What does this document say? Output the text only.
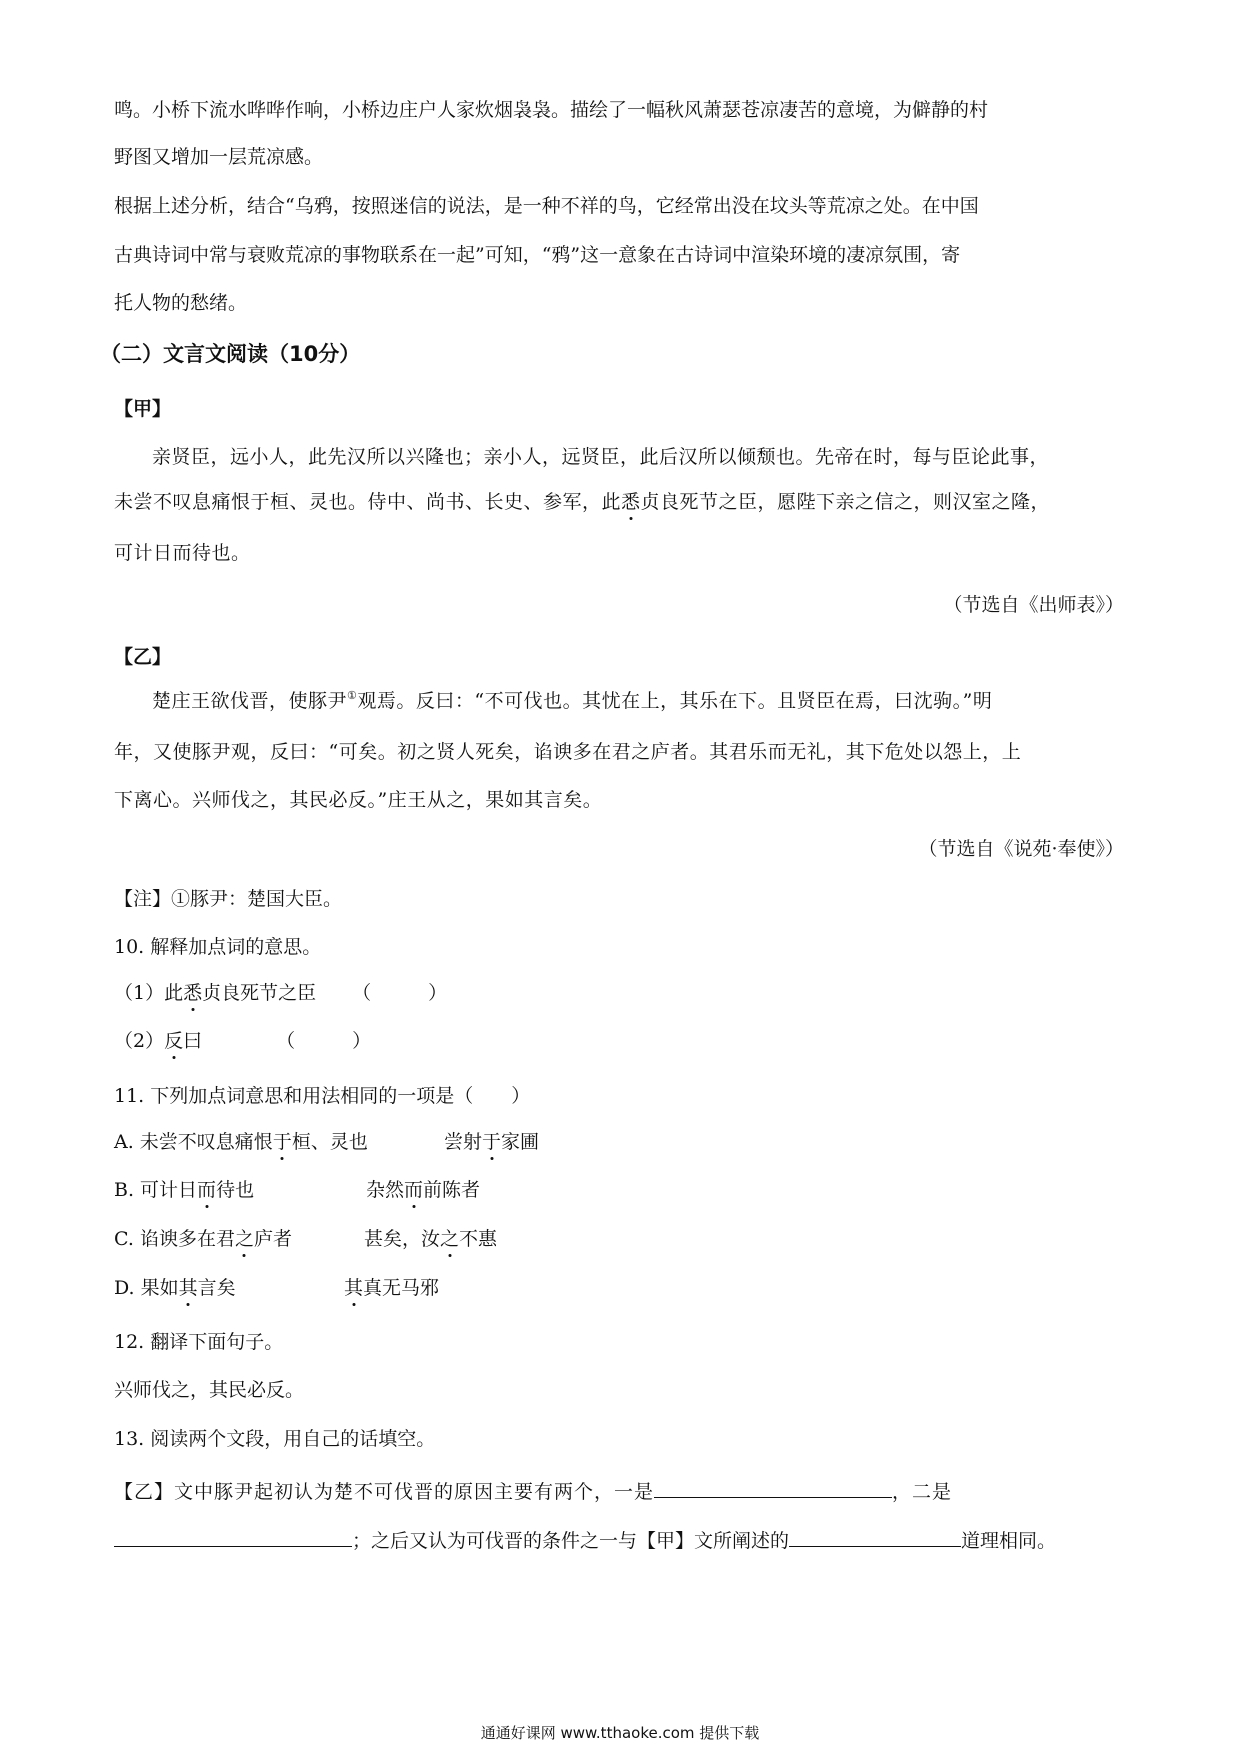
鸣。小桥下流水哗哗作响，小桥边庄户人家炊烟袅袅。描绘了一幅秋风萧瑟苍凉凄苦的意境，为僻静的村
野图又增加一层荒凉感。
根据上述分析，结合“乌鸦，按照迷信的说法，是一种不祥的鸟，它经常出没在坟头等荒凉之处。在中国
古典诗词中常与衰败荒凉的事物联系在一起”可知，“鸦”这一意象在古诗词中渲染环境的凄凉氛围，寄
托人物的愁绪。
（二）文言文阅读（10分）
【甲】
亲贤臣，远小人，此先汉所以兴隆也；亲小人，远贤臣，此后汉所以倾颓也。先帝在时，每与臣论此事，
未尝不叹息痛恨于桓、灵也。侍中、尚书、长史、参军，此悉贞良死节之臣，愿陛下亲之信之，则汉室之隆，
可计日而待也。
（节选自《出师表》）
【乙】
楚庄王欲伐晋，使豚尹①观焉。反曰：“不可伐也。其忧在上，其乐在下。且贤臣在焉，曰沈驹。”明
年，又使豚尹观，反曰：“可矣。初之贤人死矣，谄谀多在君之庐者。其君乐而无礼，其下危处以怨上，上
下离心。兴师伐之，其民必反。”庄王从之，果如其言矣。
（节选自《说苑·奉使》）
【注】①豚尹：楚国大臣。
10. 解释加点词的意思。
（1）此悉贞良死节之臣 （　　　）
（2）反曰	（　　　）
11. 下列加点词意思和用法相同的一项是（　　）
A. 未尝不叹息痛恨于桓、灵也	尝射于家圃
B. 可计日而待也	杂然而前陈者
C. 谄谀多在君之庐者	甚矣，汝之不惠
D. 果如其言矣	其真无马邪
12. 翻译下面句子。
兴师伐之，其民必反。
13. 阅读两个文段，用自己的话填空。
【乙】文中豚尹起初认为楚不可伐晋的原因主要有两个，一是	，二是
；之后又认为可伐晋的条件之一与【甲】文所阐述的	道理相同。
通通好课网 www.tthaoke.com 提供下载
